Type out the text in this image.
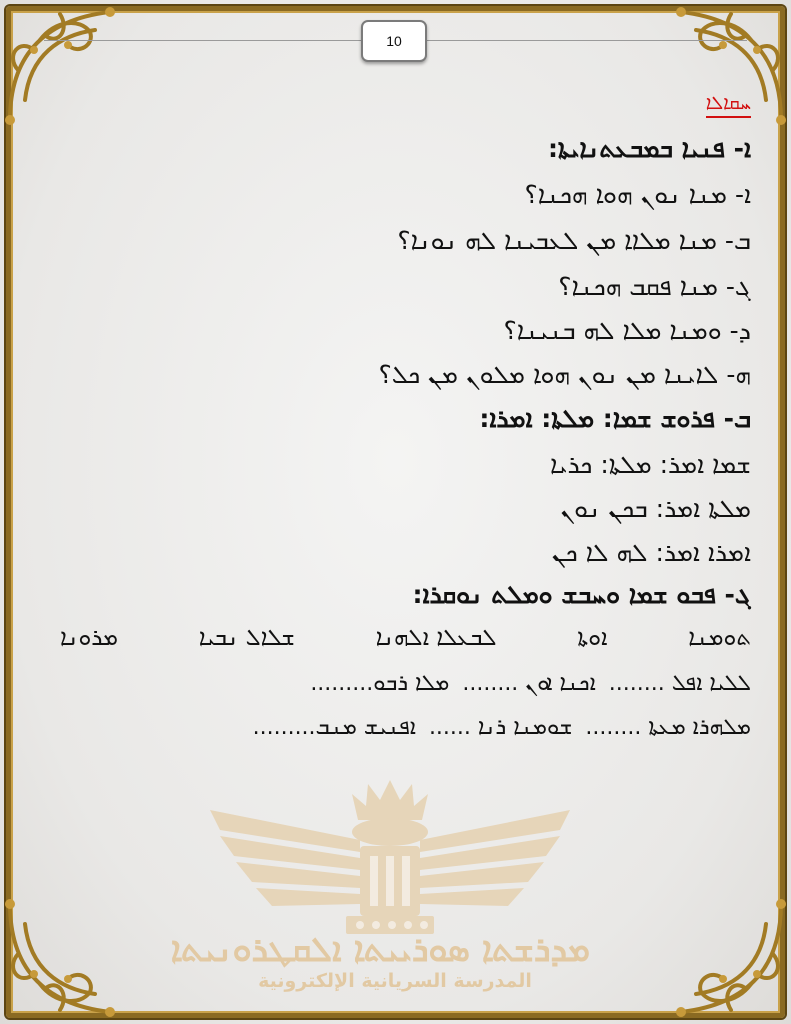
10
ܡܕܪܫܬܐ ܣܘܪܝܝܬܐ ܐܠܩܛܪܘܢܝܬܐ
المدرسة السريانية الإلكترونية
ܚܩܐܠܐ
ܐ- ܦܢܝܐ ܒܡܒܥܬܢܐܝܬܐ:
ܐ- ܡܢܐ ܢܘܢ ܗܘܐ ܗܟܢܐ؟
ܒ- ܡܢܐ ܡܠܐܐ ܡܢ ܠܥܒܝܢܐ ܠܗ ܢܘܢܐ؟
ܓ- ܡܢܐ ܦܩܒ ܗܟܢܐ؟
ܕ- ܘܡܢܐ ܡܠܐ ܠܗ ܒܢܝܢܐ؟
ܗ- ܠܐܝܢܐ ܡܢ ܢܘܢ ܗܘܐ ܡܠܘܢ ܡܢ ܟܠ؟
ܒ- ܦܪܘܫ ܫܡܐ: ܡܠܬܐ: ܐܡܪܐ:
ܫܡܐ ܐܡܪ: ܡܠܬܐ: ܟܪܝܐ
ܡܠܬܐ ܐܡܪ: ܒܟܢ ܢܘܢ
ܐܡܪܐ ܐܡܪ: ܠܗ ܠܐ ܟܢ
ܓ- ܦܒܘ ܫܡܐ ܘܚܒܫ ܘܡܠܬ ܢܘܩܪܐ:
ܬܘܡܢܐ
ܐܘܬܐ
ܠܒܥܠܐ ܐܠܗܢܐ
ܫܠܐܠ ܢܒܝܐ
ܡܪܘܢܐ
ܠܠܝܐ ܐܦܠ ........ ܐܟܢܐ ܐܘܢ ........ ܡܠܐ ܪܒܘ.........
ܡܠܗܪܐ ܡܥܬܐ ........ ܫܘܡܢܐ ܪܢܐ ...... ܐܦܢܝܫ ܡܢܒ.........
